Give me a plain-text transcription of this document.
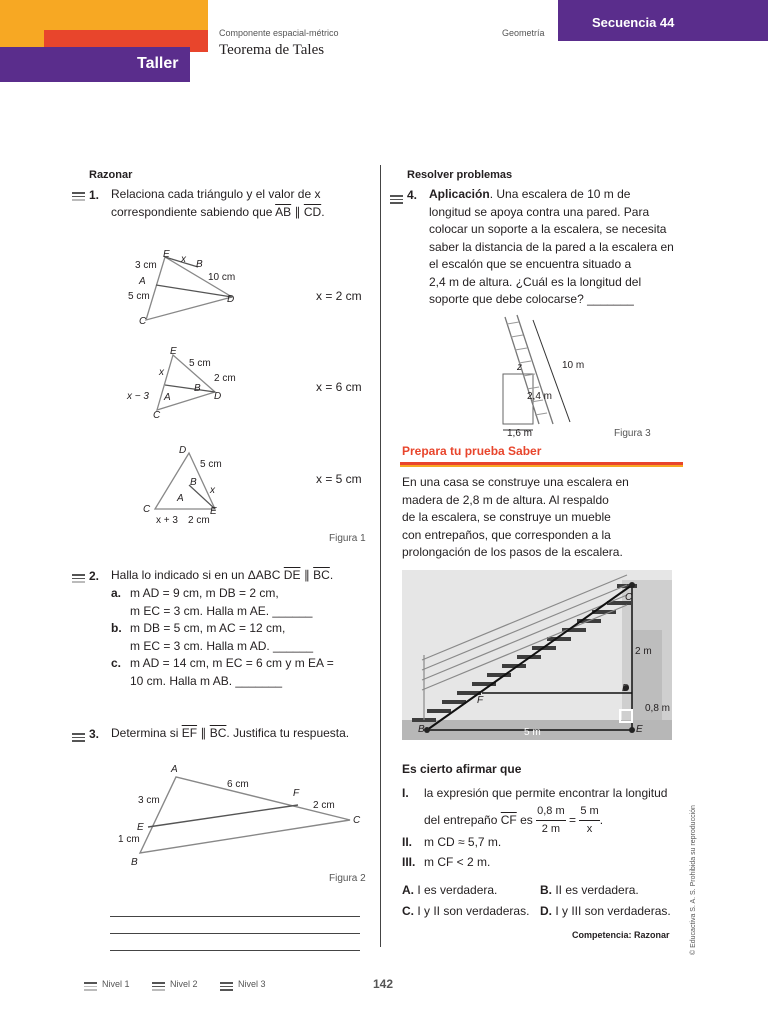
Taller
Secuencia 44
Componente espacial-métrico
Teorema de Tales
Geometría
Razonar
1. Relaciona cada triángulo y el valor de x
correspondiente sabiendo que $\overline{AB}$ ∥ $\overline{CD}$.
3 cm
E x B
10 cm
A
5 cm	D
C
x = 2 cm
E
5 cm
x
2 cm
B
x − 3 A	D
C
x = 6 cm
D
5 cm
B
x
A
C	E
x + 3 2 cm
x = 5 cm
Figura 1
2. Halla lo indicado si en un ΔABC $\overline{DE}$ ∥ $\overline{BC}$.
a. m AD = 9 cm, m DB = 2 cm,
m EC = 3 cm. Halla m AE. ______
b. m DB = 5 cm, m AC = 12 cm,
m EC = 3 cm. Halla m AD. ______
c. m AD = 14 cm, m EC = 6 cm y m EA =
10 cm. Halla m AB. _______
3. Determina si $\overline{EF}$ ∥ $\overline{BC}$. Justifica tu respuesta.
A
6 cm
F
3 cm	2 cm
C
E
1 cm
B
Figura 2
Resolver problemas
4. Aplicación. Una escalera de 10 m de
longitud se apoya contra una pared. Para
colocar un soporte a la escalera, se necesita
saber la distancia de la pared a la escalera en
el escalón que se encuentra situado a
2,4 m de altura. ¿Cuál es la longitud del
soporte que debe colocarse? _______
z	10 m
2,4 m
1,6 m	Figura 3
Prepara tu prueba Saber
En una casa se construye una escalera en
madera de 2,8 m de altura. Al respaldo
de la escalera, se construye un mueble
con entrepaños, que corresponden a la
prolongación de los pasos de la escalera.
C
2 m
D
0,8 m
F
B	5 m	E
Es cierto afirmar que
I. la expresión que permite encontrar la longitud
del entrepaño $\overline{CF}$ es $\frac{0,8 m}{2 m} = \frac{5 m}{x}$ .
II. m CD ≈ 5,7 m.
III. m CF < 2 m.
A. I es verdadera.	B. II es verdadera.
C. I y II son verdaderas. D. I y III son verdaderas.
Competencia: Razonar	© Educactiva S. A. S. Prohibida su reproducción
Nivel 1	Nivel 2	Nivel 3	142
